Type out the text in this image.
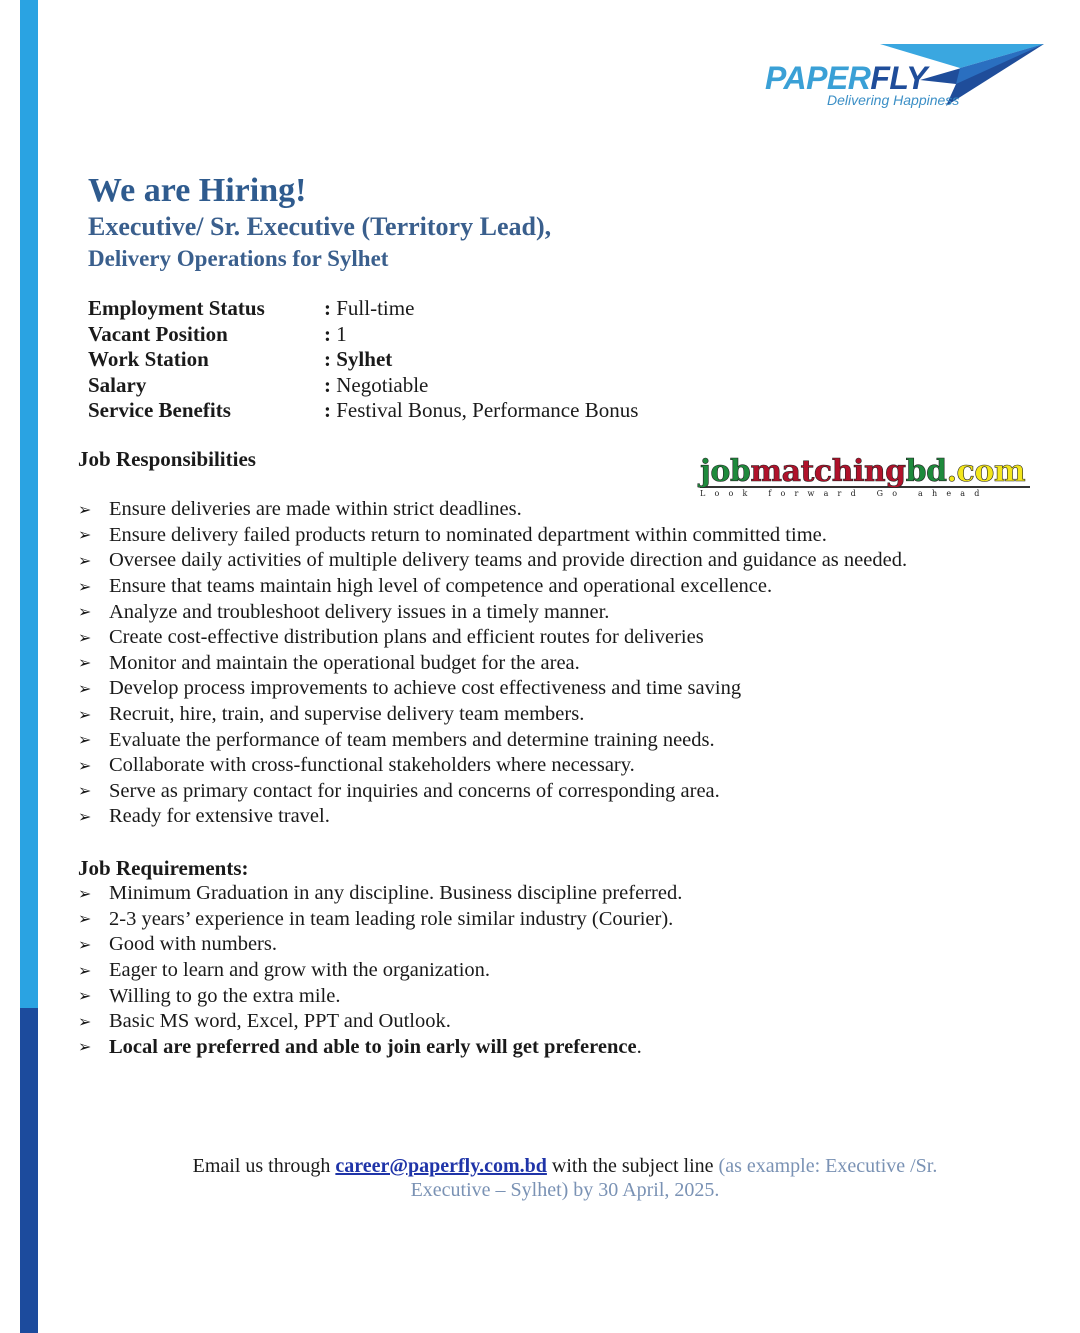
PAPERFLY
Delivering Happiness
We are Hiring!
Executive/ Sr. Executive (Territory Lead),
Delivery Operations for Sylhet
Employment Status	: Full-time
Vacant Position	: 1
Work Station	: Sylhet
Salary	: Negotiable
Service Benefits	: Festival Bonus, Performance Bonus
Job Responsibilities	jobmatchingbd.com
Look forward Go ahead
➢ Ensure deliveries are made within strict deadlines.
➢ Ensure delivery failed products return to nominated department within committed time.
➢ Oversee daily activities of multiple delivery teams and provide direction and guidance as needed.
➢ Ensure that teams maintain high level of competence and operational excellence.
➢ Analyze and troubleshoot delivery issues in a timely manner.
➢ Create cost-effective distribution plans and efficient routes for deliveries
➢ Monitor and maintain the operational budget for the area.
➢ Develop process improvements to achieve cost effectiveness and time saving
➢ Recruit, hire, train, and supervise delivery team members.
➢ Evaluate the performance of team members and determine training needs.
➢ Collaborate with cross-functional stakeholders where necessary.
➢ Serve as primary contact for inquiries and concerns of corresponding area.
➢ Ready for extensive travel.
Job Requirements:
➢ Minimum Graduation in any discipline. Business discipline preferred.
➢ 2-3 years’ experience in team leading role similar industry (Courier).
➢ Good with numbers.
➢ Eager to learn and grow with the organization.
➢ Willing to go the extra mile.
➢ Basic MS word, Excel, PPT and Outlook.
➢ Local are preferred and able to join early will get preference .
Email us through career@paperfly.com.bd with the subject line (as example: Executive /Sr.
Executive – Sylhet) by 30 April, 2025.
